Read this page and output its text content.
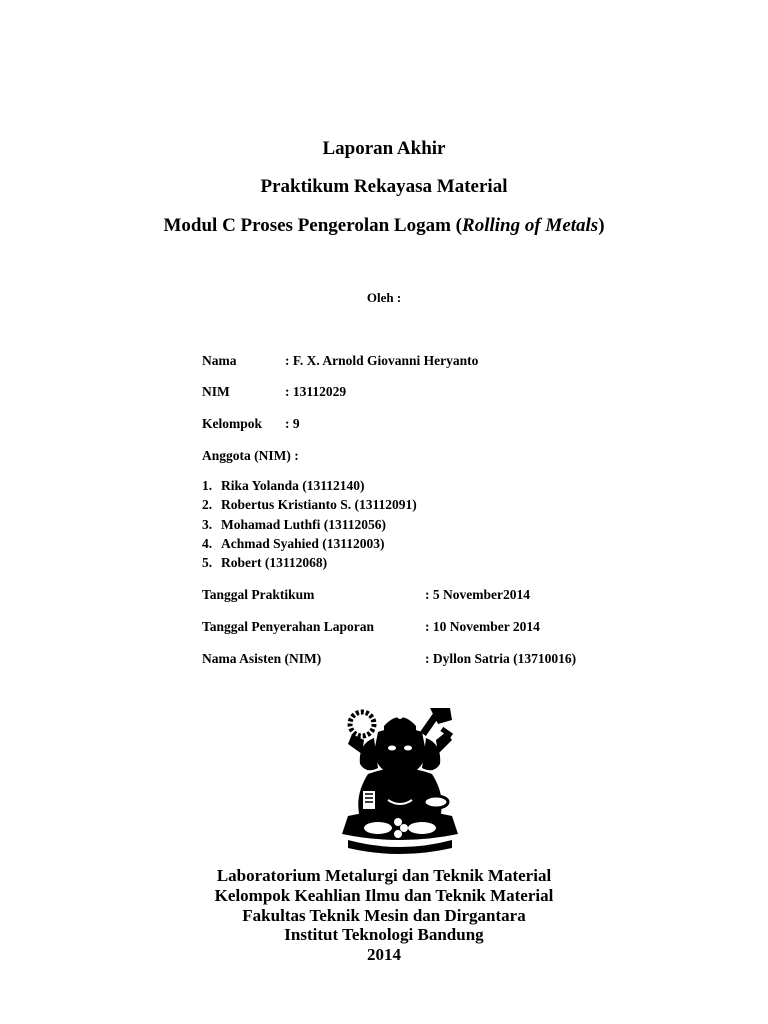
Laporan Akhir
Praktikum Rekayasa Material
Modul C Proses Pengerolan Logam (Rolling of Metals)
Oleh :
Nama	: F. X. Arnold Giovanni Heryanto
NIM	: 13112029
Kelompok : 9
Anggota (NIM) :
1. Rika Yolanda (13112140)
2. Robertus Kristianto S. (13112091)
3. Mohamad Luthfi (13112056)
4. Achmad Syahied (13112003)
5. Robert (13112068)
Tanggal Praktikum	: 5 November2014
Tanggal Penyerahan Laporan	: 10 November 2014
Nama Asisten (NIM)	: Dyllon Satria (13710016)
Laboratorium Metalurgi dan Teknik Material
Kelompok Keahlian Ilmu dan Teknik Material
Fakultas Teknik Mesin dan Dirgantara
Institut Teknologi Bandung
2014
